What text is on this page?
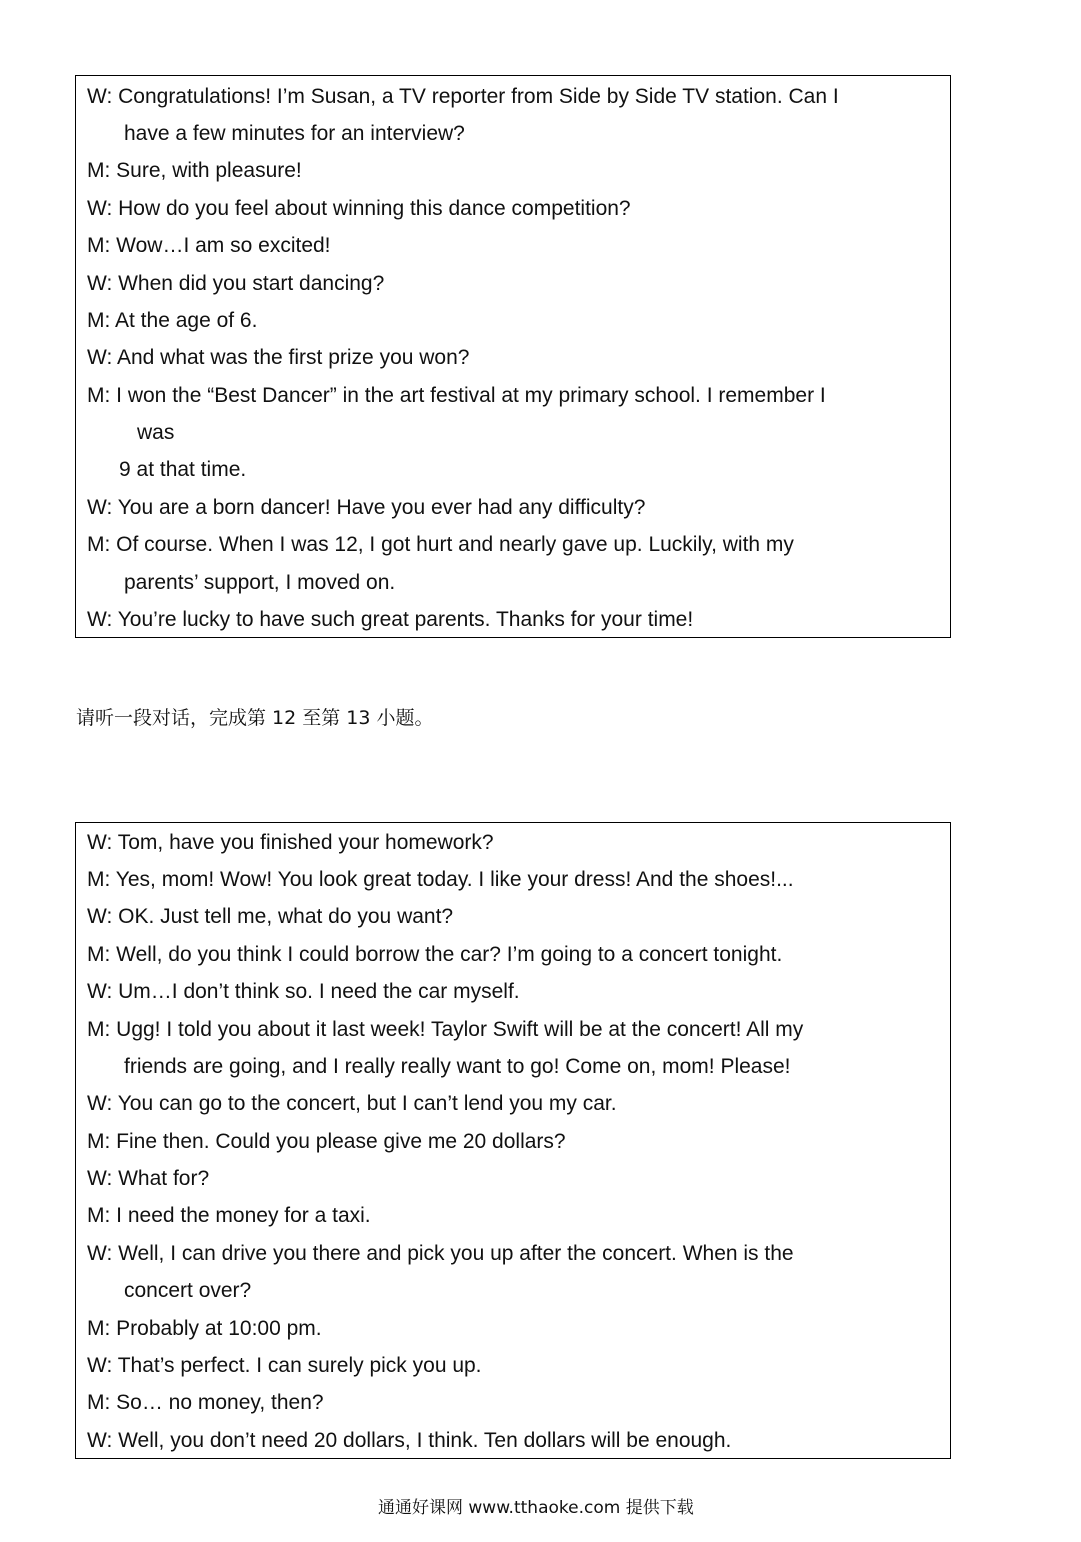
W: Congratulations! I’m Susan, a TV reporter from Side by Side TV station. Can I
have a few minutes for an interview?
M: Sure, with pleasure!
W: How do you feel about winning this dance competition?
M: Wow…I am so excited!
W: When did you start dancing?
M: At the age of 6.
W: And what was the first prize you won?
M: I won the “Best Dancer” in the art festival at my primary school. I remember I
was
9 at that time.
W: You are a born dancer! Have you ever had any difficulty?
M: Of course. When I was 12, I got hurt and nearly gave up. Luckily, with my
parents’ support, I moved on.
W: You’re lucky to have such great parents. Thanks for your time!
请听一段对话，完成第 12 至第 13 小题。
W: Tom, have you finished your homework?
M: Yes, mom! Wow! You look great today. I like your dress! And the shoes!...
W: OK. Just tell me, what do you want?
M: Well, do you think I could borrow the car? I’m going to a concert tonight.
W: Um…I don’t think so. I need the car myself.
M: Ugg! I told you about it last week! Taylor Swift will be at the concert! All my
friends are going, and I really really want to go! Come on, mom! Please!
W: You can go to the concert, but I can’t lend you my car.
M: Fine then. Could you please give me 20 dollars?
W: What for?
M: I need the money for a taxi.
W: Well, I can drive you there and pick you up after the concert. When is the
concert over?
M: Probably at 10:00 pm.
W: That’s perfect. I can surely pick you up.
M: So… no money, then?
W: Well, you don’t need 20 dollars, I think. Ten dollars will be enough.
通通好课网 www.tthaoke.com 提供下载
